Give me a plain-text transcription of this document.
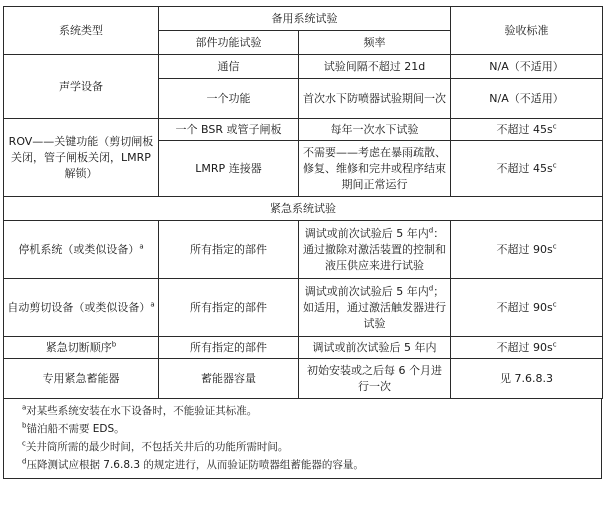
系统类型	备用系统试验		验收标准
	部件功能试验	频率	
声学设备	通信	试验间隔不超过 21d	N/A（不适用）
	一个功能	首次水下防喷器试验期间一次	N/A（不适用）
ROV——关键功能（剪切闸板关闭，管子闸板关闭，LMRP 解锁）	一个 BSR 或管子闸板	每年一次水下试验	不超过 $45s^c$
	LMRP 连接器	不需要——考虑在暴雨疏散、修复、维修和完井或程序结束期间正常运行	不超过 $45s^c$
紧急系统试验			
停机系统（或类似设备）$^a$	所有指定的部件	调试或前次试验后 5 年内$^d$：通过撤除对激活装置的控制和液压供应来进行试验	不超过 $90s^c$
自动剪切设备（或类似设备）$^a$	所有指定的部件	调试或前次试验后 5 年内$^d$；如适用，通过激活触发器进行试验	不超过 $90s^c$
紧急切断顺序$^b$	所有指定的部件	调试或前次试验后 5 年内	不超过 $90s^c$
专用紧急蓄能器	蓄能器容量	初始安装或之后每 6 个月进行一次	见 7.6.8.3
$^a$对某些系统安装在水下设备时，不能验证其标准。
$^b$锚泊船不需要 EDS。
$^c$关井筒所需的最少时间，不包括关井后的功能所需时间。
$^d$压降测试应根据 7.6.8.3 的规定进行，从而验证防喷器组蓄能器的容量。
